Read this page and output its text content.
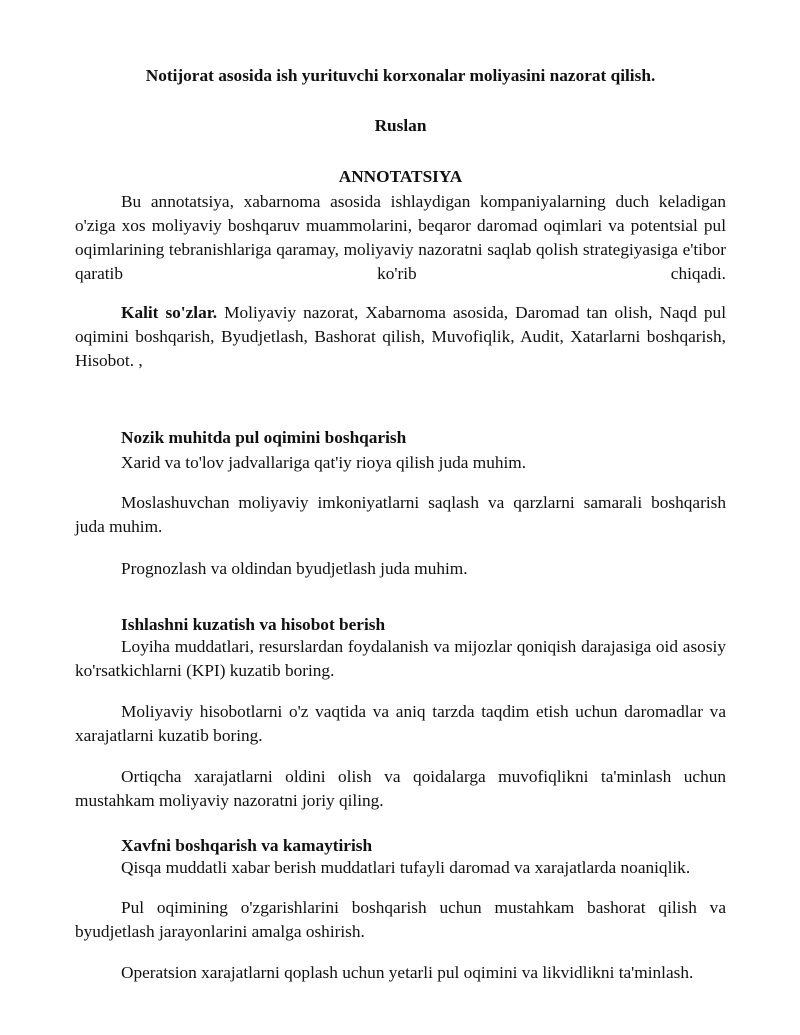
Notijorat asosida ish yurituvchi korxonalar moliyasini nazorat qilish.
Ruslan
ANNOTATSIYA

Bu annotatsiya, xabarnoma asosida ishlaydigan kompaniyalarning duch keladigan o'ziga xos moliyaviy boshqaruv muammolarini, beqaror daromad oqimlari va potentsial pul oqimlarining tebranishlariga qaramay, moliyaviy nazoratni saqlab qolish strategiyasiga e'tibor qaratib ko'rib chiqadi.

Kalit so'zlar. Moliyaviy nazorat, Xabarnoma asosida, Daromad tan olish, Naqd pul oqimini boshqarish, Byudjetlash, Bashorat qilish, Muvofiqlik, Audit, Xatarlarni boshqarish, Hisobot. ,

Nozik muhitda pul oqimini boshqarish

Xarid va to'lov jadvallariga qat'iy rioya qilish juda muhim.

Moslashuvchan moliyaviy imkoniyatlarni saqlash va qarzlarni samarali boshqarish juda muhim.

Prognozlash va oldindan byudjetlash juda muhim.

Ishlashni kuzatish va hisobot berish

Loyiha muddatlari, resurslardan foydalanish va mijozlar qoniqish darajasiga oid asosiy ko'rsatkichlarni (KPI) kuzatib boring.

Moliyaviy hisobotlarni o'z vaqtida va aniq tarzda taqdim etish uchun daromadlar va xarajatlarni kuzatib boring.

Ortiqcha xarajatlarni oldini olish va qoidalarga muvofiqlikni ta'minlash uchun mustahkam moliyaviy nazoratni joriy qiling.

Xavfni boshqarish va kamaytirish

Qisqa muddatli xabar berish muddatlari tufayli daromad va xarajatlarda noaniqlik.

Pul oqimining o'zgarishlarini boshqarish uchun mustahkam bashorat qilish va byudjetlash jarayonlarini amalga oshirish.

Operatsion xarajatlarni qoplash uchun yetarli pul oqimini va likvidlikni ta'minlash.
